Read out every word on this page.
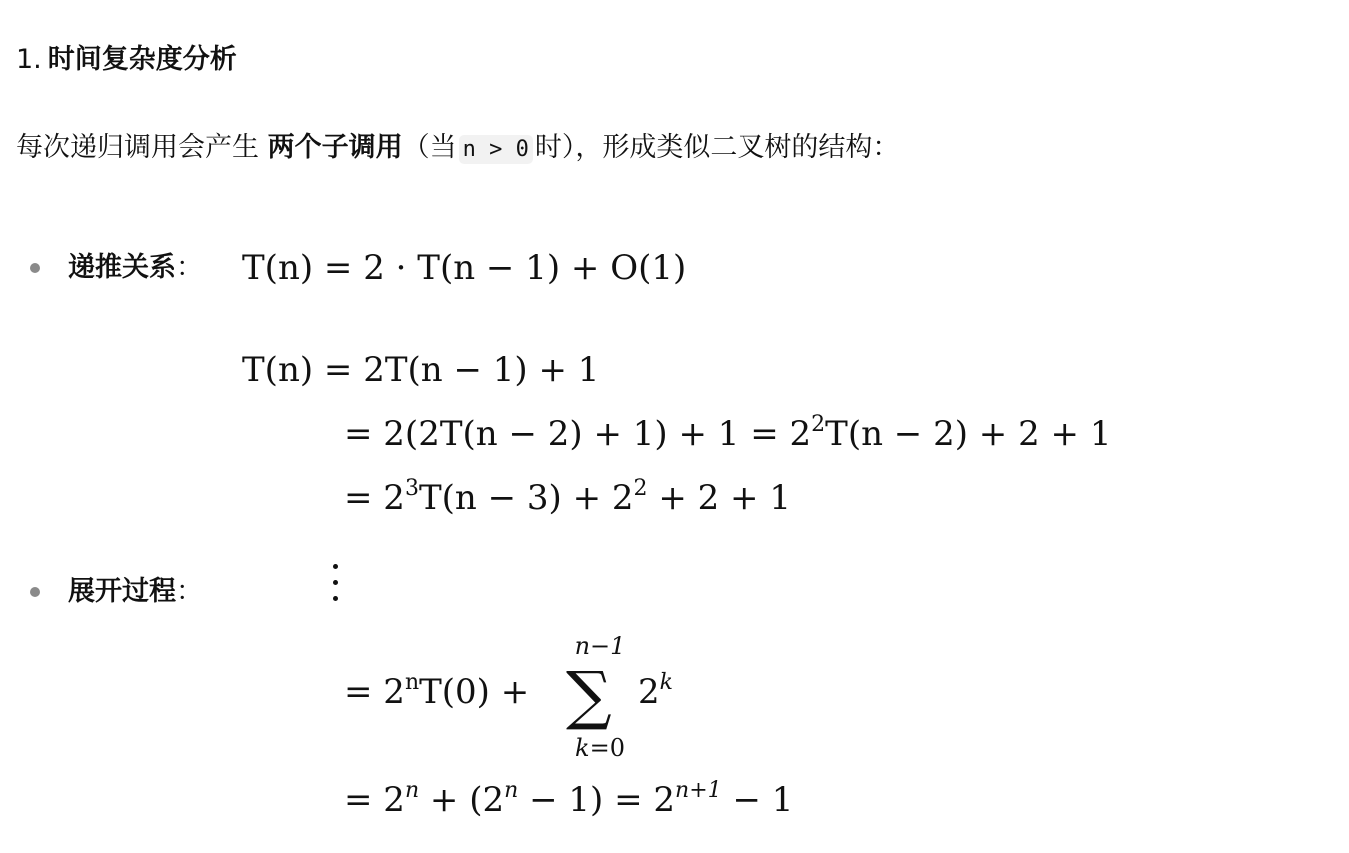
1. 时间复杂度分析
每次递归调用会产生 两个子调用（当 n > 0 时），形成类似二叉树的结构：
递推关系： T(n) = 2 · T(n − 1) + O(1)
T(n) = 2T(n − 1) + 1
= $2(2T(n - 2) + 1) + 1 = 2^2T(n - 2) + 2 + 1$
= $2^3T(n - 3) + 2^2 + 2 + 1$
展开过程：
= $2^nT(0)$ +
n−1
∑
k=0
$2^k$
= $2^n + (2^n - 1) = 2^{n+1} - 1$
